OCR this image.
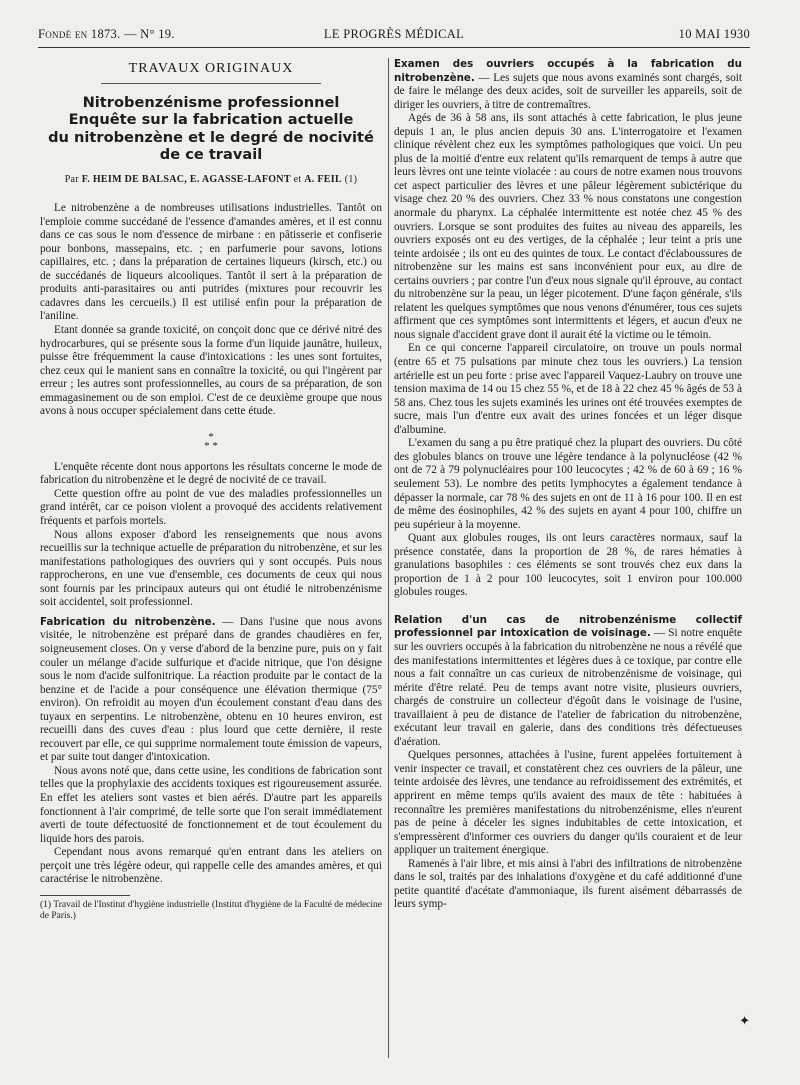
Fondé en 1873. — N° 19.	LE PROGRÈS MÉDICAL	10 MAI 1930
TRAVAUX ORIGINAUX
Nitrobenzénisme professionnel
Enquête sur la fabrication actuelle
du nitrobenzène et le degré de nocivité
de ce travail
Par F. HEIM DE BALSAC, E. AGASSE-LAFONT et A. FEIL (1)

Le nitrobenzène a de nombreuses utilisations industrielles. Tantôt on l'emploie comme succédané de l'essence d'amandes amères, et il est connu dans ce cas sous le nom d'essence de mirbane : en pâtisserie et confiserie pour bonbons, massepains, etc. ; en parfumerie pour savons, lotions capillaires, etc. ; dans la préparation de certaines liqueurs (kirsch, etc.) ou de succédanés de liqueurs alcooliques. Tantôt il sert à la préparation de produits anti-parasitaires ou anti putrides (mixtures pour recouvrir les cadavres dans les cercueils.) Il est utilisé enfin pour la préparation de l'aniline.

Etant donnée sa grande toxicité, on conçoit donc que ce dérivé nitré des hydrocarbures, qui se présente sous la forme d'un liquide jaunâtre, huileux, puisse être fréquemment la cause d'intoxications : les unes sont fortuites, chez ceux qui le manient sans en connaître la toxicité, ou qui l'ingèrent par erreur ; les autres sont professionnelles, au cours de sa préparation, de son emmagasinement ou de son emploi. C'est de ce deuxième groupe que nous avons à nous occuper spécialement dans cette étude.

*
* *

L'enquête récente dont nous apportons les résultats concerne le mode de fabrication du nitrobenzène et le degré de nocivité de ce travail.

Cette question offre au point de vue des maladies professionnelles un grand intérêt, car ce poison violent a provoqué des accidents relativement fréquents et parfois mortels.

Nous allons exposer d'abord les renseignements que nous avons recueillis sur la technique actuelle de préparation du nitrobenzène, et sur les manifestations pathologiques des ouvriers qui y sont occupés. Puis nous rapprocherons, en une vue d'ensemble, ces documents de ceux qui nous sont fournis par les principaux auteurs qui ont étudié le nitrobenzénisme soit accidentel, soit professionnel.

Fabrication du nitrobenzène. — Dans l'usine que nous avons visitée, le nitrobenzène est préparé dans de grandes chaudières en fer, soigneusement closes. On y verse d'abord de la benzine pure, puis on y fait couler un mélange d'acide sulfurique et d'acide nitrique, que l'on désigne sous le nom d'acide sulfonitrique. La réaction produite par le contact de la benzine et de l'acide a pour conséquence une élévation thermique (75° environ). On refroidit au moyen d'un écoulement constant d'eau dans des tuyaux en serpentins. Le nitrobenzène, obtenu en 10 heures environ, est recueilli dans des cuves d'eau : plus lourd que cette dernière, il reste recouvert par elle, ce qui supprime normalement toute émission de vapeurs, et par suite tout danger d'intoxication.

Nous avons noté que, dans cette usine, les conditions de fabrication sont telles que la prophylaxie des accidents toxiques est rigoureusement assurée. En effet les ateliers sont vastes et bien aérés. D'autre part les appareils fonctionnent à l'air comprimé, de telle sorte que l'on serait immédiatement averti de toute défectuosité de fonctionnement et de tout écoulement du liquide hors des parois.

Cependant nous avons remarqué qu'en entrant dans les ateliers on perçoit une très légère odeur, qui rappelle celle des amandes amères, et qui caractérise le nitrobenzène.

(1) Travail de l'Institut d'hygiène industrielle (Institut d'hygiène de la Faculté de médecine de Paris.)

Examen des ouvriers occupés à la fabrication du nitrobenzène. — Les sujets que nous avons examinés sont chargés, soit de faire le mélange des deux acides, soit de surveiller les appareils, soit de diriger les ouvriers, à titre de contremaîtres.

Agés de 36 à 58 ans, ils sont attachés à cette fabrication, le plus jeune depuis 1 an, le plus ancien depuis 30 ans. L'interrogatoire et l'examen clinique révèlent chez eux les symptômes pathologiques que voici. Un peu plus de la moitié d'entre eux relatent qu'ils remarquent de temps à autre que leurs lèvres ont une teinte violacée : au cours de notre examen nous trouvons cet aspect particulier des lèvres et une pâleur légèrement subictérique du visage chez 20 % des ouvriers. Chez 33 % nous constatons une congestion anormale du pharynx. La céphalée intermittente est notée chez 45 % des ouvriers. Lorsque se sont produites des fuites au niveau des appareils, les ouvriers exposés ont eu des vertiges, de la céphalée ; leur teint a pris une teinte ardoisée ; ils ont eu des quintes de toux. Le contact d'éclaboussures de nitrobenzène sur les mains est sans inconvénient pour eux, au dire de certains ouvriers ; par contre l'un d'eux nous signale qu'il éprouve, au contact du nitrobenzène sur la peau, un léger picotement. D'une façon générale, s'ils relatent les quelques symptômes que nous venons d'énumérer, tous ces sujets affirment que ces symptômes sont intermittents et légers, et aucun d'eux ne nous signale d'accident grave dont il aurait été la victime ou le témoin.

En ce qui concerne l'appareil circulatoire, on trouve un pouls normal (entre 65 et 75 pulsations par minute chez tous les ouvriers.) La tension artérielle est un peu forte : prise avec l'appareil Vaquez-Laubry on trouve une tension maxima de 14 ou 15 chez 55 %, et de 18 à 22 chez 45 % âgés de 53 à 58 ans. Chez tous les sujets examinés les urines ont été trouvées exemptes de sucre, mais l'un d'entre eux avait des urines foncées et un léger disque d'albumine.

L'examen du sang a pu être pratiqué chez la plupart des ouvriers. Du côté des globules blancs on trouve une légère tendance à la polynucléose (42 % ont de 72 à 79 polynucléaires pour 100 leucocytes ; 42 % de 60 à 69 ; 16 % seulement 53). Le nombre des petits lymphocytes a également tendance à dépasser la normale, car 78 % des sujets en ont de 11 à 16 pour 100. Il en est de même des éosinophiles, 42 % des sujets en ayant 4 pour 100, chiffre un peu supérieur à la moyenne.

Quant aux globules rouges, ils ont leurs caractères normaux, sauf la présence constatée, dans la proportion de 28 %, de rares hématies à granulations basophiles : ces éléments se sont trouvés chez eux dans la proportion de 1 à 2 pour 100 leucocytes, soit 1 environ pour 100.000 globules rouges.

Relation d'un cas de nitrobenzénisme collectif professionnel par intoxication de voisinage. — Si notre enquête sur les ouvriers occupés à la fabrication du nitrobenzène ne nous a révélé que des manifestations intermittentes et légères dues à ce toxique, par contre elle nous a fait connaître un cas curieux de nitrobenzénisme de voisinage, qui mérite d'être relaté. Peu de temps avant notre visite, plusieurs ouvriers, chargés de construire un collecteur d'égoût dans le voisinage de l'usine, travaillaient à peu de distance de l'atelier de fabrication du nitrobenzène, exécutant leur travail en galerie, dans des conditions très défectueuses d'aération.

Quelques personnes, attachées à l'usine, furent appelées fortuitement à venir inspecter ce travail, et constatèrent chez ces ouvriers de la pâleur, une teinte ardoisée des lèvres, une tendance au refroidissement des extrémités, et apprirent en même temps qu'ils avaient des maux de tête : habituées à reconnaître les premières manifestations du nitrobenzénisme, elles n'eurent pas de peine à déceler les signes indubitables de cette intoxication, et s'empressèrent d'informer ces ouvriers du danger qu'ils couraient et de leur appliquer un traitement énergique.

Ramenés à l'air libre, et mis ainsi à l'abri des infiltrations de nitrobenzène dans le sol, traités par des inhalations d'oxygène et du café additionné d'une petite quantité d'acétate d'ammoniaque, ils furent aisément débarrassés de leurs symp-

✦
